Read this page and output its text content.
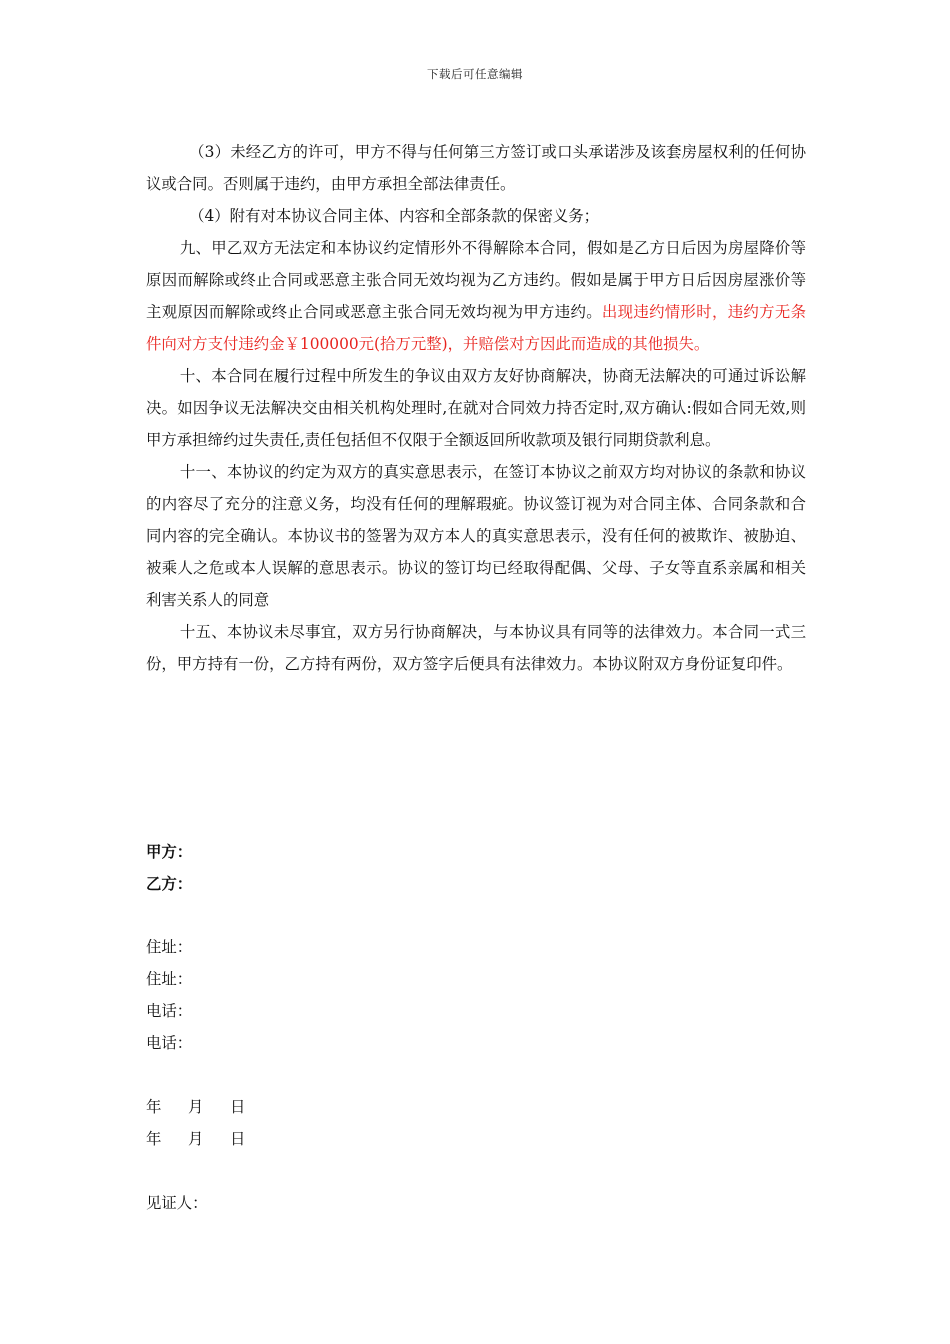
下载后可任意编辑

（3）未经乙方的许可，甲方不得与任何第三方签订或口头承诺涉及该套房屋权利的任何协议或合同。否则属于违约，由甲方承担全部法律责任。

（4）附有对本协议合同主体、内容和全部条款的保密义务；

九、甲乙双方无法定和本协议约定情形外不得解除本合同，假如是乙方日后因为房屋降价等原因而解除或终止合同或恶意主张合同无效均视为乙方违约。假如是属于甲方日后因房屋涨价等主观原因而解除或终止合同或恶意主张合同无效均视为甲方违约。出现违约情形时，违约方无条件向对方支付违约金￥100000元(拾万元整)，并赔偿对方因此而造成的其他损失。

十、本合同在履行过程中所发生的争议由双方友好协商解决，协商无法解决的可通过诉讼解决。如因争议无法解决交由相关机构处理时,在就对合同效力持否定时,双方确认:假如合同无效,则甲方承担缔约过失责任,责任包括但不仅限于全额返回所收款项及银行同期贷款利息。

十一、本协议的约定为双方的真实意思表示，在签订本协议之前双方均对协议的条款和协议的内容尽了充分的注意义务，均没有任何的理解瑕疵。协议签订视为对合同主体、合同条款和合同内容的完全确认。本协议书的签署为双方本人的真实意思表示，没有任何的被欺诈、被胁迫、被乘人之危或本人误解的意思表示。协议的签订均已经取得配偶、父母、子女等直系亲属和相关利害关系人的同意

十五、本协议未尽事宜，双方另行协商解决，与本协议具有同等的法律效力。本合同一式三份，甲方持有一份，乙方持有两份，双方签字后便具有法律效力。本协议附双方身份证复印件。

甲方：
乙方：
住址：
住址：
电话：
电话：
年 月 日
年 月 日
见证人：
